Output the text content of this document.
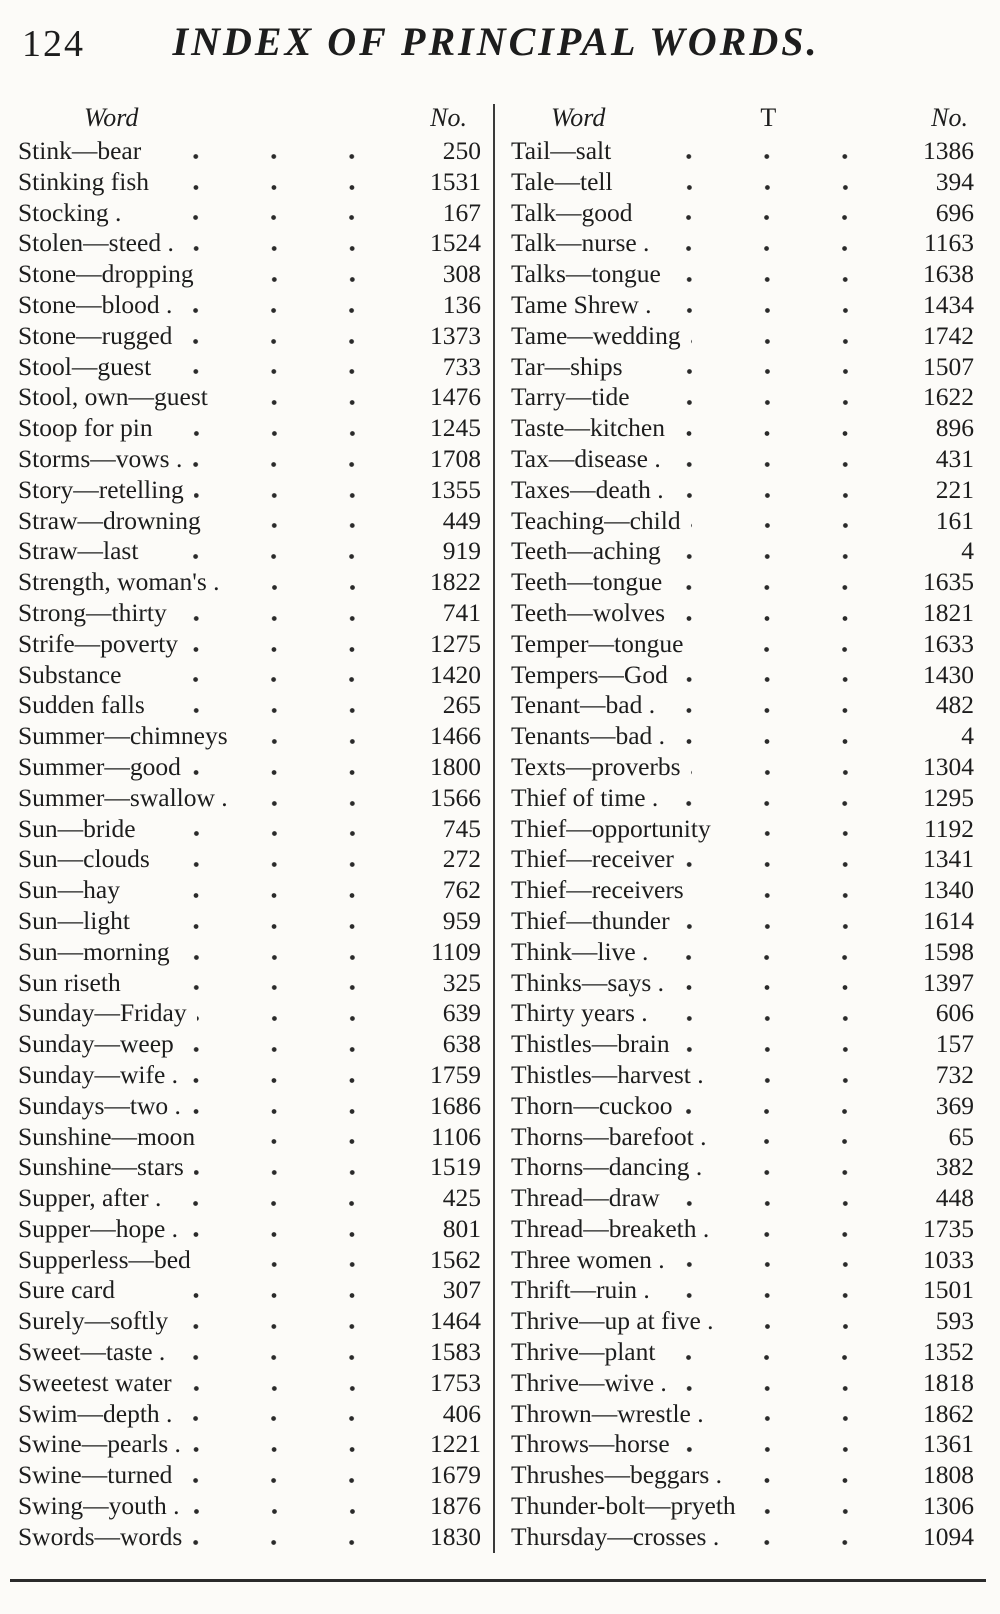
124	INDEX OF PRINCIPAL WORDS.
Word	No.
Stink—bear	250
Stinking fish	1531
Stocking .	167
Stolen—steed .	1524
Stone—dropping	308
Stone—blood .	136
Stone—rugged	1373
Stool—guest	733
Stool, own—guest	1476
Stoop for pin	1245
Storms—vows .	1708
Story—retelling	1355
Straw—drowning	449
Straw—last	919
Strength, woman's .	1822
Strong—thirty	741
Strife—poverty	1275
Substance	1420
Sudden falls	265
Summer—chimneys	1466
Summer—good	1800
Summer—swallow .	1566
Sun—bride	745
Sun—clouds	272
Sun—hay	762
Sun—light	959
Sun—morning	1109
Sun riseth	325
Sunday—Friday	639
Sunday—weep	638
Sunday—wife .	1759
Sundays—two .	1686
Sunshine—moon	1106
Sunshine—stars	1519
Supper, after .	425
Supper—hope .	801
Supperless—bed	1562
Sure card	307
Surely—softly	1464
Sweet—taste .	1583
Sweetest water	1753
Swim—depth .	406
Swine—pearls .	1221
Swine—turned	1679
Swing—youth .	1876
Swords—words	1830
Word	T	No.
Tail—salt	1386
Tale—tell	394
Talk—good	696
Talk—nurse .	1163
Talks—tongue	1638
Tame Shrew .	1434
Tame—wedding	1742
Tar—ships	1507
Tarry—tide	1622
Taste—kitchen	896
Tax—disease .	431
Taxes—death .	221
Teaching—child	161
Teeth—aching	4
Teeth—tongue	1635
Teeth—wolves	1821
Temper—tongue	1633
Tempers—God	1430
Tenant—bad .	482
Tenants—bad .	4
Texts—proverbs	1304
Thief of time .	1295
Thief—opportunity	1192
Thief—receiver	1341
Thief—receivers	1340
Thief—thunder	1614
Think—live .	1598
Thinks—says .	1397
Thirty years .	606
Thistles—brain	157
Thistles—harvest .	732
Thorn—cuckoo	369
Thorns—barefoot .	65
Thorns—dancing .	382
Thread—draw	448
Thread—breaketh .	1735
Three women .	1033
Thrift—ruin .	1501
Thrive—up at five .	593
Thrive—plant	1352
Thrive—wive .	1818
Thrown—wrestle .	1862
Throws—horse	1361
Thrushes—beggars .	1808
Thunder-bolt—pryeth	1306
Thursday—crosses .	1094
